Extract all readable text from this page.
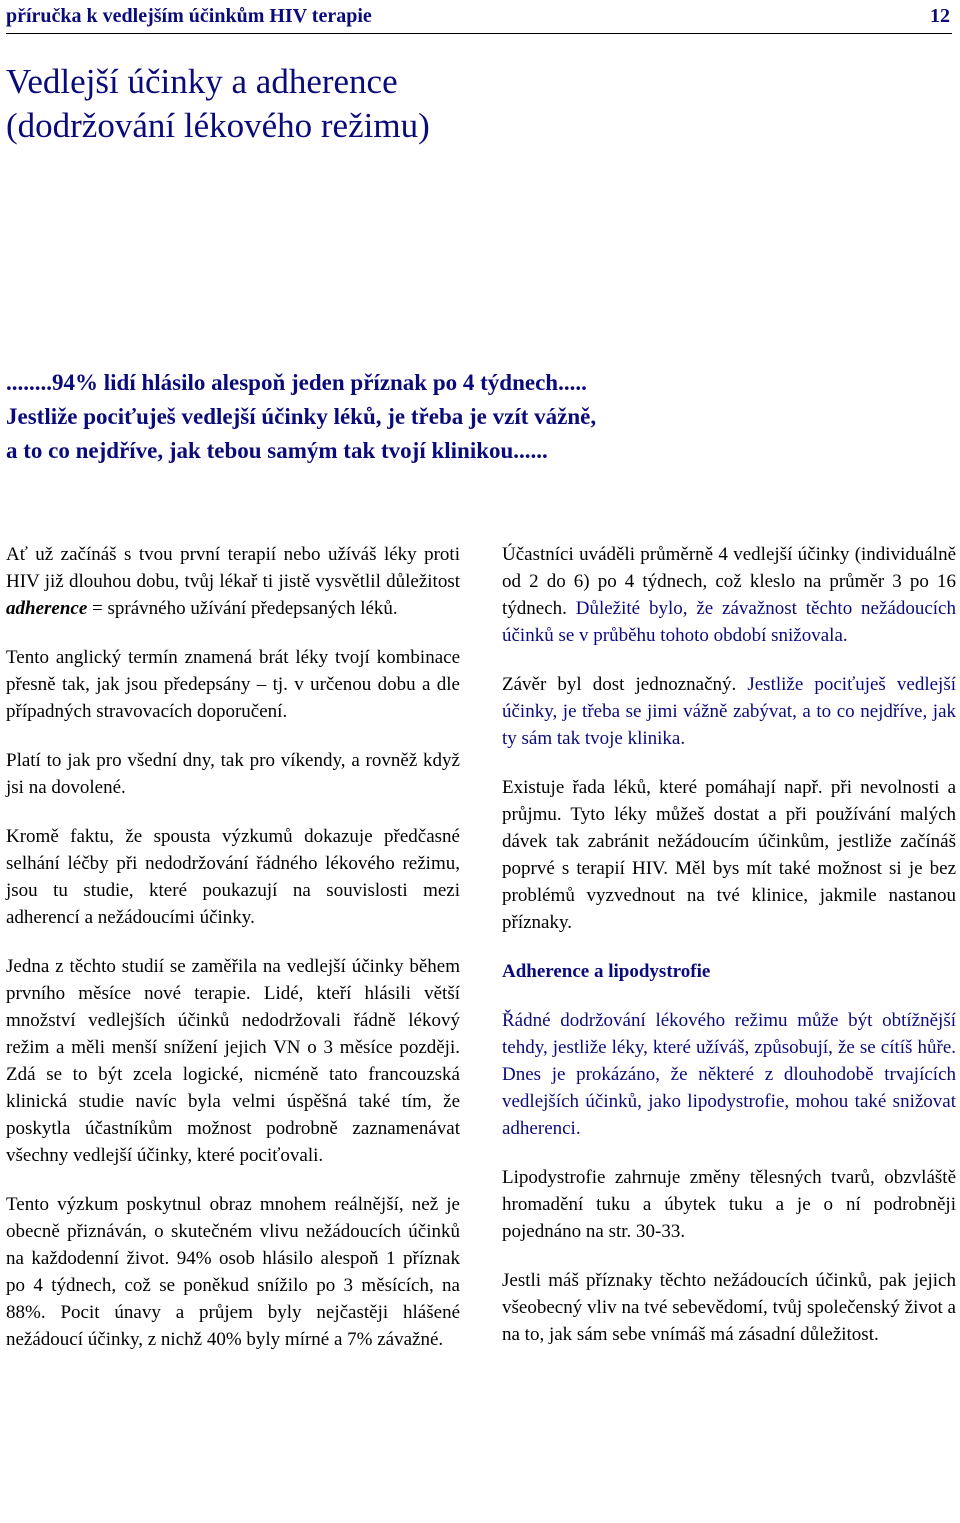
příručka k vedlejším účinkům HIV terapie	12
Vedlejší účinky a adherence
(dodržování lékového režimu)
........94% lidí hlásilo alespoň jeden příznak po 4 týdnech.....
Jestliže pociťuješ vedlejší účinky léků, je třeba je vzít vážně,
a to co nejdříve, jak tebou samým tak tvojí klinikou......

Ať už začínáš s tvou první terapií nebo užíváš léky proti HIV již dlouhou dobu, tvůj lékař ti jistě vysvětlil důležitost adherence = správného užívání předepsaných léků.

Tento anglický termín znamená brát léky tvojí kombinace přesně tak, jak jsou předepsány – tj. v určenou dobu a dle případných stravovacích doporučení.

Platí to jak pro všední dny, tak pro víkendy, a rovněž když jsi na dovolené.

Kromě faktu, že spousta výzkumů dokazuje předčasné selhání léčby při nedodržování řádného lékového režimu, jsou tu studie, které poukazují na souvislosti mezi adherencí a nežádoucími účinky.

Jedna z těchto studií se zaměřila na vedlejší účinky během prvního měsíce nové terapie. Lidé, kteří hlásili větší množství vedlejších účinků nedodržovali řádně lékový režim a měli menší snížení jejich VN o 3 měsíce později. Zdá se to být zcela logické, nicméně tato francouzská klinická studie navíc byla velmi úspěšná také tím, že poskytla účastníkům možnost podrobně zaznamenávat všechny vedlejší účinky, které pociťovali.

Tento výzkum poskytnul obraz mnohem reálnější, než je obecně přiznáván, o skutečném vlivu nežádoucích účinků na každodenní život. 94% osob hlásilo alespoň 1 příznak po 4 týdnech, což se poněkud snížilo po 3 měsících, na 88%. Pocit únavy a průjem byly nejčastěji hlášené nežádoucí účinky, z nichž 40% byly mírné a 7% závažné.

Účastníci uváděli průměrně 4 vedlejší účinky (individuálně od 2 do 6) po 4 týdnech, což kleslo na průměr 3 po 16 týdnech. Důležité bylo, že závažnost těchto nežádoucích účinků se v průběhu tohoto období snižovala.

Závěr byl dost jednoznačný. Jestliže pociťuješ vedlejší účinky, je třeba se jimi vážně zabývat, a to co nejdříve, jak ty sám tak tvoje klinika.

Existuje řada léků, které pomáhají např. při nevolnosti a průjmu. Tyto léky můžeš dostat a při používání malých dávek tak zabránit nežádoucím účinkům, jestliže začínáš poprvé s terapií HIV. Měl bys mít také možnost si je bez problémů vyzvednout na tvé klinice, jakmile nastanou příznaky.

Adherence a lipodystrofie

Řádné dodržování lékového režimu může být obtížnější tehdy, jestliže léky, které užíváš, způsobují, že se cítíš hůře. Dnes je prokázáno, že některé z dlouhodobě trvajících vedlejších účinků, jako lipodystrofie, mohou také snižovat adherenci.

Lipodystrofie zahrnuje změny tělesných tvarů, obzvláště hromadění tuku a úbytek tuku a je o ní podrobněji pojednáno na str. 30-33.

Jestli máš příznaky těchto nežádoucích účinků, pak jejich všeobecný vliv na tvé sebevědomí, tvůj společenský život a na to, jak sám sebe vnímáš má zásadní důležitost.
